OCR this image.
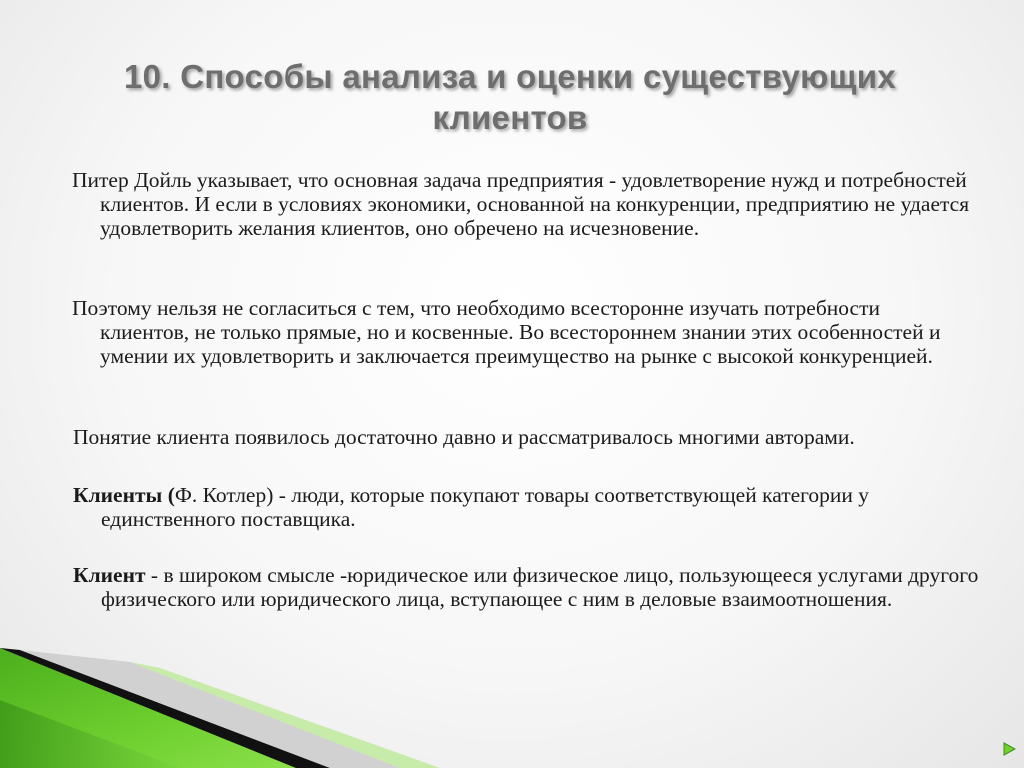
10. Способы анализа и оценки существующих клиентов
Питер Дойль указывает, что основная задача предприятия - удовлетворение нужд и потребностей клиентов. И если в условиях экономики, основанной на конкуренции, предприятию не удается удовлетворить желания клиентов, оно обречено на исчезновение.
Поэтому нельзя не согласиться с тем, что необходимо всесторонне изучать потребности клиентов, не только прямые, но и косвенные. Во всестороннем знании этих особенностей и умении их удовлетворить и заключается преимущество на рынке с высокой конкуренцией.
Понятие клиента появилось достаточно давно и рассматривалось многими авторами.
Клиенты (Ф. Котлер) - люди, которые покупают товары соответствующей категории у единственного поставщика.
Клиент - в широком смысле -юридическое или физическое лицо, пользующееся услугами другого физического или юридического лица, вступающее с ним в деловые взаимоотношения.
